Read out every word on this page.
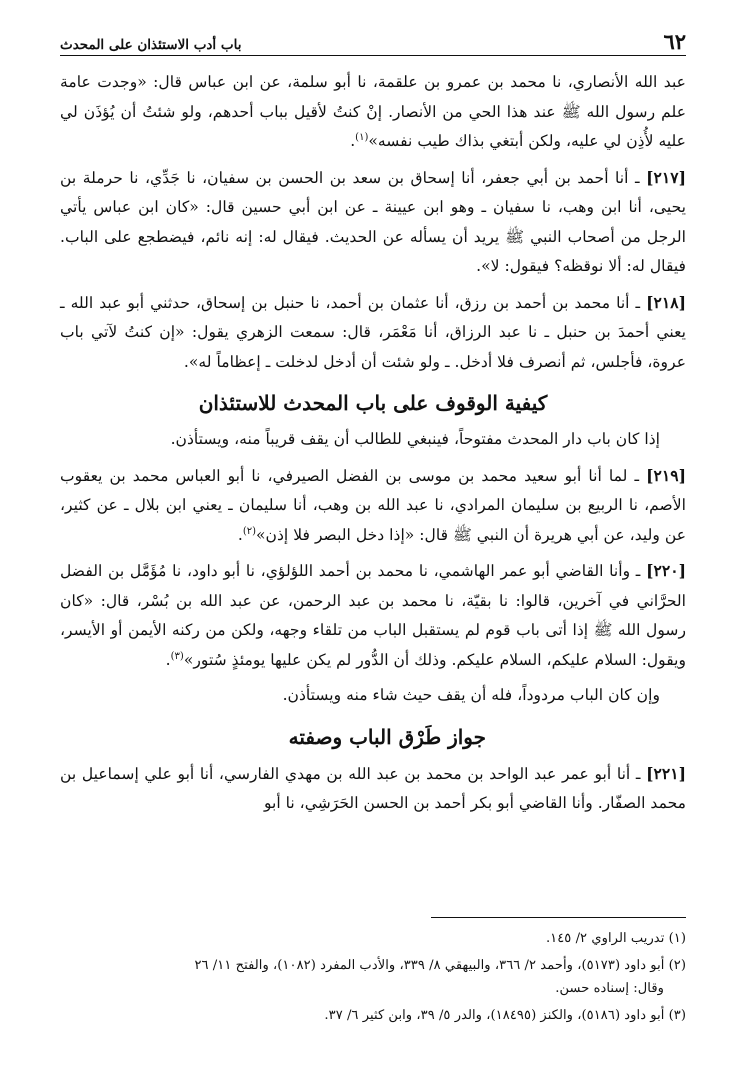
٦٢
باب أدب الاستئذان على المحدث

عبد الله الأنصاري، نا محمد بن عمرو بن علقمة، نا أبو سلمة، عن ابن عباس قال: «وجدت عامة علم رسول الله ﷺ عند هذا الحي من الأنصار. إنْ كنتُ لأقيل بباب أحدهم، ولو شئتُ أن يُؤذَن لي عليه لأُذِن لي عليه، ولكن أبتغي بذاك طيب نفسه»$^{(١)}$.

[٢١٧] ـ أنا أحمد بن أبي جعفر، أنا إسحاق بن سعد بن الحسن بن سفيان، نا جَدِّي، نا حرملة بن يحيى، أنا ابن وهب، نا سفيان ـ وهو ابن عيينة ـ عن ابن أبي حسين قال: «كان ابن عباس يأتي الرجل من أصحاب النبي ﷺ يريد أن يسأله عن الحديث. فيقال له: إنه نائم، فيضطجع على الباب. فيقال له: ألا نوقظه؟ فيقول: لا».

[٢١٨] ـ أنا محمد بن أحمد بن رزق، أنا عثمان بن أحمد، نا حنبل بن إسحاق، حدثني أبو عبد الله ـ يعني أحمدَ بن حنبل ـ نا عبد الرزاق، أنا مَعْمَر، قال: سمعت الزهري يقول: «إن كنتُ لآتي باب عروة، فأجلس، ثم أنصرف فلا أدخل. ـ ولو شئت أن أدخل لدخلت ـ إعظاماً له».

كيفية الوقوف على باب المحدث للاستئذان

إذا كان باب دار المحدث مفتوحاً، فينبغي للطالب أن يقف قريباً منه، ويستأذن.

[٢١٩] ـ لما أنا أبو سعيد محمد بن موسى بن الفضل الصيرفي، نا أبو العباس محمد بن يعقوب الأصم، نا الربيع بن سليمان المرادي، نا عبد الله بن وهب، أنا سليمان ـ يعني ابن بلال ـ عن كثير، عن وليد، عن أبي هريرة أن النبي ﷺ قال: «إذا دخل البصر فلا إذن»$^{(٢)}$.

[٢٢٠] ـ وأنا القاضي أبو عمر الهاشمي، نا محمد بن أحمد اللؤلؤي، نا أبو داود، نا مُؤَمَّل بن الفضل الحرَّاني في آخرين، قالوا: نا بقيّة، نا محمد بن عبد الرحمن، عن عبد الله بن بُسْر، قال: «كان رسول الله ﷺ إذا أتى باب قوم لم يستقبل الباب من تلقاء وجهه، ولكن من ركنه الأيمن أو الأيسر، ويقول: السلام عليكم، السلام عليكم. وذلك أن الدُّور لم يكن عليها يومئذٍ سُتور»$^{(٣)}$.

وإن كان الباب مردوداً، فله أن يقف حيث شاء منه ويستأذن.

جواز طَرْق الباب وصفته

[٢٢١] ـ أنا أبو عمر عبد الواحد بن محمد بن عبد الله بن مهدي الفارسي، أنا أبو علي إسماعيل بن محمد الصفّار. وأنا القاضي أبو بكر أحمد بن الحسن الحَرَشِي، نا أبو

(١) تدريب الراوي ٢/ ١٤٥.

(٢) أبو داود (٥١٧٣)، وأحمد ٢/ ٣٦٦، والبيهقي ٨/ ٣٣٩، والأدب المفرد (١٠٨٢)، والفتح ١١/ ٢٦
وقال: إسناده حسن.

(٣) أبو داود (٥١٨٦)، والكنز (١٨٤٩٥)، والدر ٥/ ٣٩، وابن كثير ٦/ ٣٧.
